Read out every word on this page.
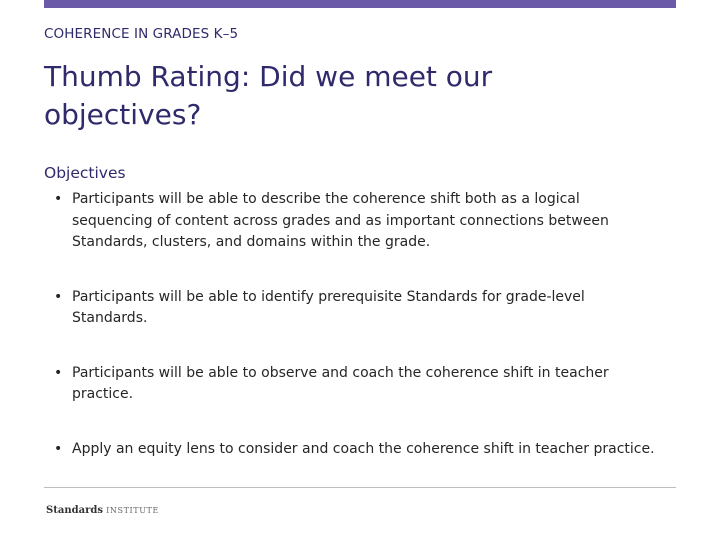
COHERENCE IN GRADES K–5
Thumb Rating: Did we meet our objectives?
Objectives
• Participants will be able to describe the coherence shift both as a logical sequencing of content across grades and as important connections between Standards, clusters, and domains within the grade.
• Participants will be able to identify prerequisite Standards for grade-level Standards.
• Participants will be able to observe and coach the coherence shift in teacher practice.
• Apply an equity lens to consider and coach the coherence shift in teacher practice.
Standards INSTITUTE
